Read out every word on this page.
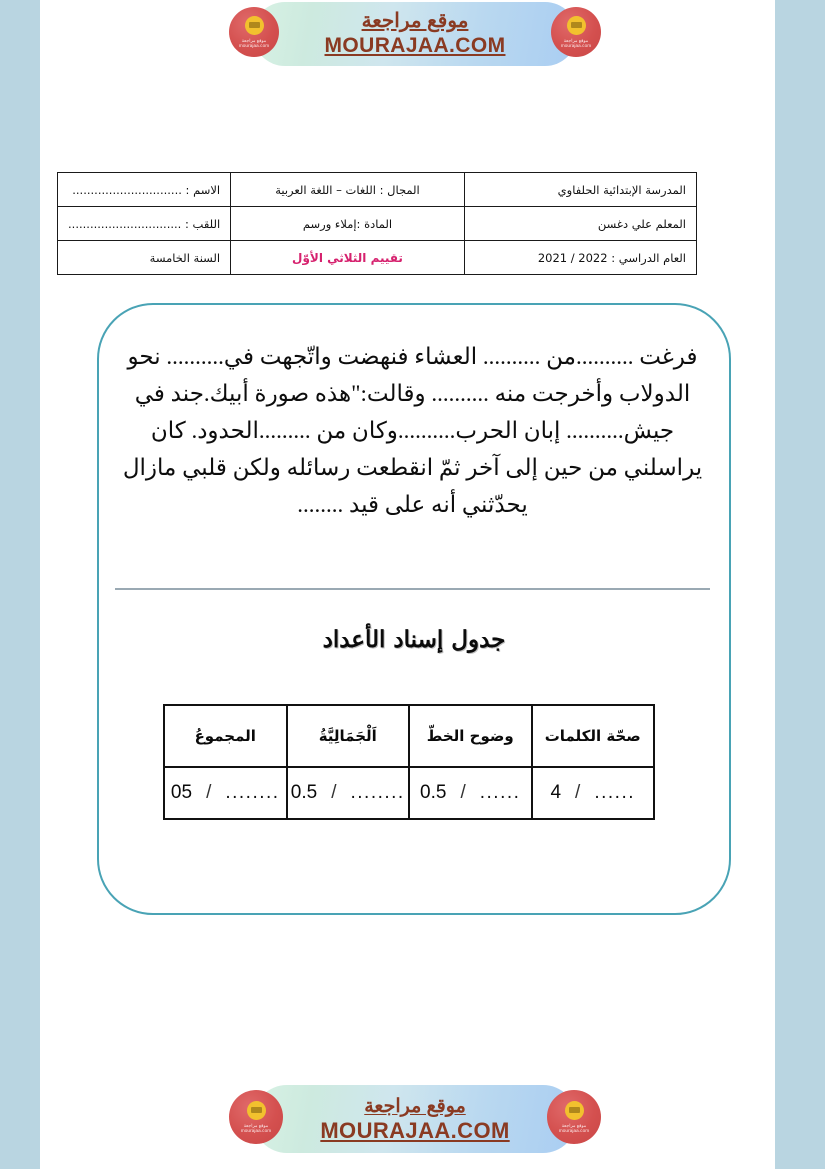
موقع مراجعة
mourajaa.com
موقع مراجعة
MOURAJAA.COM	موقع مراجعة
mourajaa.com
المدرسة الإبتدائية الحلفاوي	المجال : اللغات – اللغة العربية	الاسم : ..............................
المعلم علي دغسن	المادة :إملاء ورسم	اللقب : ...............................
العام الدراسي : 2022 / 2021	تقييم الثلاثي الأوّل	السنة الخامسة
فرغت ..........من .......... العشاء فنهضت واتّجهت في.......... نحو الدولاب وأخرجت منه .......... وقالت:"هذه صورة أبيك.جند في جيش.......... إبان الحرب..........وكان من .........الحدود. كان يراسلني من حين إلى آخر ثمّ انقطعت رسائله ولكن قلبي مازال يحدّثني أنه على قيد ........
جدول إسناد الأعداد
صحّة الكلمات	وضوح الخطّ	اَلْجَمَالِيَّةُ	المجموعُ

4 / ......	0.5 / ......	0.5 / ........	05 / ........
موقع مراجعة
mourajaa.com
موقع مراجعة
MOURAJAA.COM	موقع مراجعة
mourajaa.com
